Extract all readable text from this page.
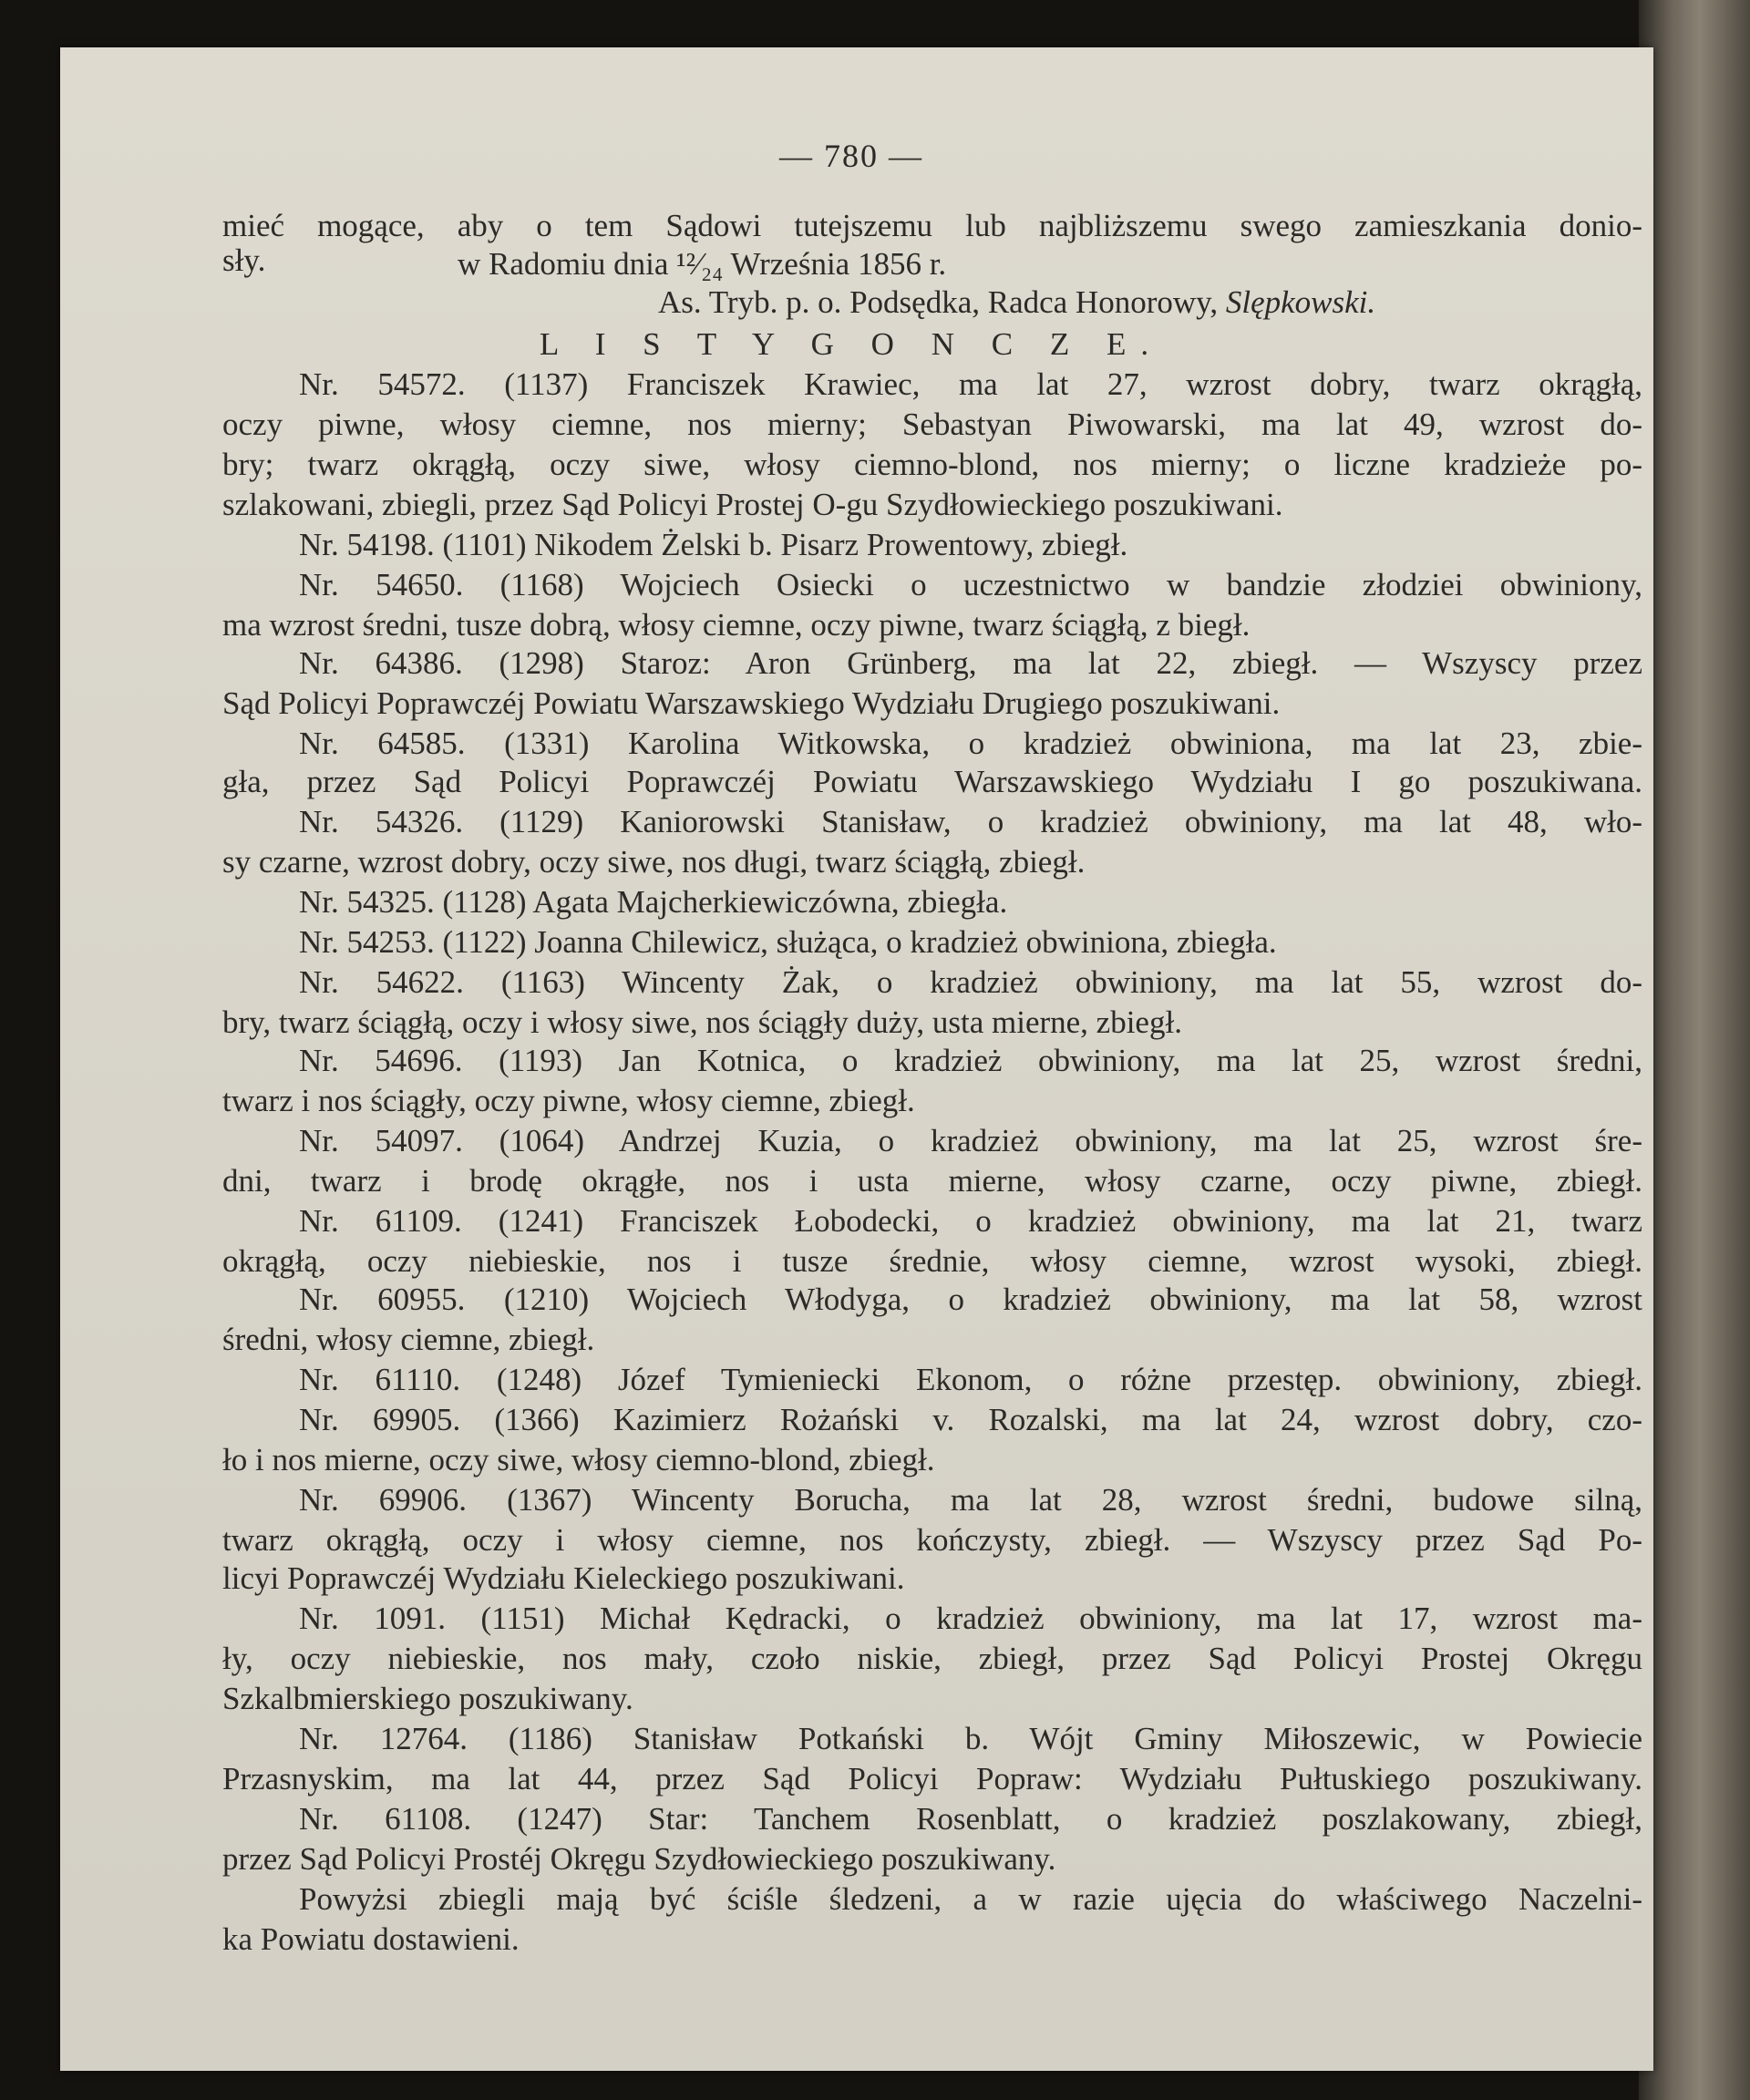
— 780 —
mieć mogące, aby o tem Sądowi tutejszemu lub najbliższemu swego zamieszkania donio-
sły.	w Radomiu dnia ¹²⁄₂₄ Września 1856 r.
As. Tryb. p. o. Podsędka, Radca Honorowy, Slępkowski.
L I S T Y G O N C Z E.
Nr. 54572. (1137) Franciszek Krawiec, ma lat 27, wzrost dobry, twarz okrągłą,
oczy piwne, włosy ciemne, nos mierny; Sebastyan Piwowarski, ma lat 49, wzrost do-
bry; twarz okrągłą, oczy siwe, włosy ciemno-blond, nos mierny; o liczne kradzieże po-
szlakowani, zbiegli, przez Sąd Policyi Prostej O-gu Szydłowieckiego poszukiwani.
Nr. 54198. (1101) Nikodem Żelski b. Pisarz Prowentowy, zbiegł.
Nr. 54650. (1168) Wojciech Osiecki o uczestnictwo w bandzie złodziei obwiniony,
ma wzrost średni, tusze dobrą, włosy ciemne, oczy piwne, twarz ściągłą, z biegł.
Nr. 64386. (1298) Staroz: Aron Grünberg, ma lat 22, zbiegł. — Wszyscy przez
Sąd Policyi Poprawczéj Powiatu Warszawskiego Wydziału Drugiego poszukiwani.
Nr. 64585. (1331) Karolina Witkowska, o kradzież obwiniona, ma lat 23, zbie-
gła, przez Sąd Policyi Poprawczéj Powiatu Warszawskiego Wydziału I go poszukiwana.
Nr. 54326. (1129) Kaniorowski Stanisław, o kradzież obwiniony, ma lat 48, wło-
sy czarne, wzrost dobry, oczy siwe, nos długi, twarz ściągłą, zbiegł.
Nr. 54325. (1128) Agata Majcherkiewiczówna, zbiegła.
Nr. 54253. (1122) Joanna Chilewicz, służąca, o kradzież obwiniona, zbiegła.
Nr. 54622. (1163) Wincenty Żak, o kradzież obwiniony, ma lat 55, wzrost do-
bry, twarz ściągłą, oczy i włosy siwe, nos ściągły duży, usta mierne, zbiegł.
Nr. 54696. (1193) Jan Kotnica, o kradzież obwiniony, ma lat 25, wzrost średni,
twarz i nos ściągły, oczy piwne, włosy ciemne, zbiegł.
Nr. 54097. (1064) Andrzej Kuzia, o kradzież obwiniony, ma lat 25, wzrost śre-
dni, twarz i brodę okrągłe, nos i usta mierne, włosy czarne, oczy piwne, zbiegł.
Nr. 61109. (1241) Franciszek Łobodecki, o kradzież obwiniony, ma lat 21, twarz
okrągłą, oczy niebieskie, nos i tusze średnie, włosy ciemne, wzrost wysoki, zbiegł.
Nr. 60955. (1210) Wojciech Włodyga, o kradzież obwiniony, ma lat 58, wzrost
średni, włosy ciemne, zbiegł.
Nr. 61110. (1248) Józef Tymieniecki Ekonom, o różne przestęp. obwiniony, zbiegł.
Nr. 69905. (1366) Kazimierz Rożański v. Rozalski, ma lat 24, wzrost dobry, czo-
ło i nos mierne, oczy siwe, włosy ciemno-blond, zbiegł.
Nr. 69906. (1367) Wincenty Boruchа, ma lat 28, wzrost średni, budowe silną,
twarz okrągłą, oczy i włosy ciemne, nos kończysty, zbiegł. — Wszyscy przez Sąd Po-
licyi Poprawczéj Wydziału Kieleckiego poszukiwani.
Nr. 1091. (1151) Michał Kędracki, o kradzież obwiniony, ma lat 17, wzrost ma-
ły, oczy niebieskie, nos mały, czoło niskie, zbiegł, przez Sąd Policyi Prostej Okręgu
Szkalbmierskiego poszukiwany.
Nr. 12764. (1186) Stanisław Potkański b. Wójt Gminy Miłoszewic, w Powiecie
Przasnyskim, ma lat 44, przez Sąd Policyi Popraw: Wydziału Pułtuskiego poszukiwany.
Nr. 61108. (1247) Star: Tanchem Rosenblatt, o kradzież poszlakowany, zbiegł,
przez Sąd Policyi Prostéj Okręgu Szydłowieckiego poszukiwany.
Powyżsi zbiegli mają być ściśle śledzeni, a w razie ujęcia do właściwego Naczelni-
ka Powiatu dostawieni.
